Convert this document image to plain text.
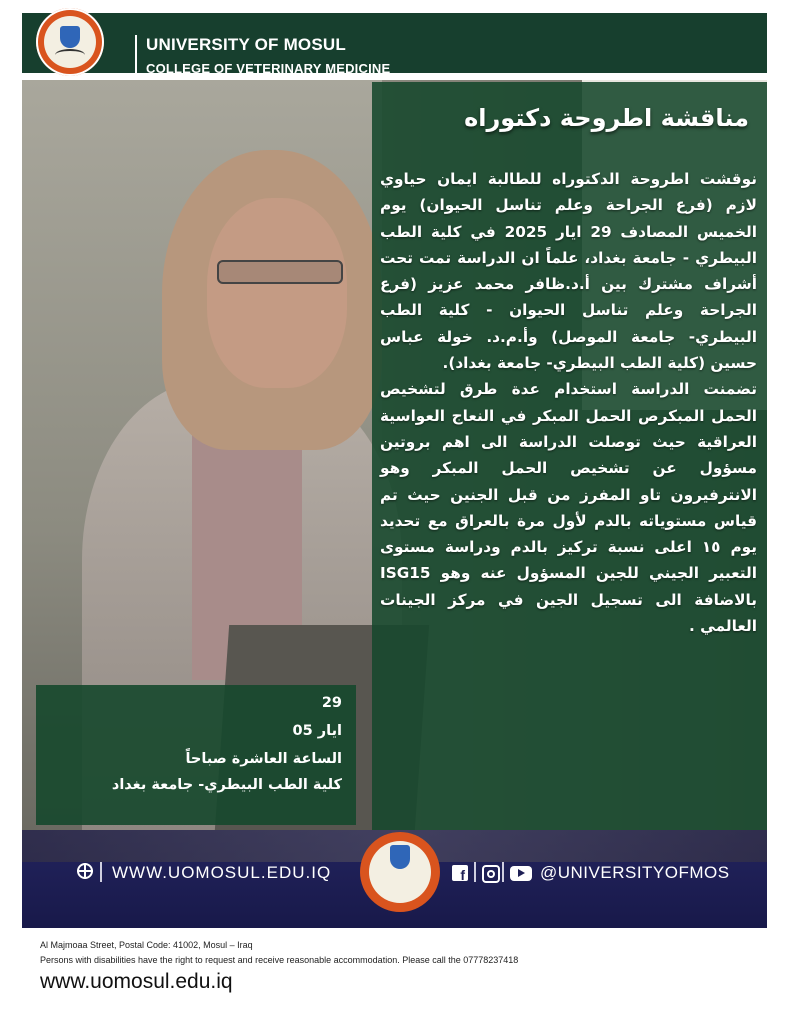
UNIVERSITY OF MOSUL
COLLEGE OF VETERINARY MEDICINE
مناقشة اطروحة دكتوراه

نوقشت اطروحة الدكتوراه للطالبة ايمان حياوي لازم (فرع الجراحة وعلم تناسل الحيوان) يوم الخميس المصادف 29 ايار 2025 في كلية الطب البيطري - جامعة بغداد، علماً ان الدراسة تمت تحت أشراف مشترك بين أ.د.ظافر محمد عزيز (فرع الجراحة وعلم تناسل الحيوان - كلية الطب البيطري- جامعة الموصل) وأ.م.د. خولة عباس حسين (كلية الطب البيطري- جامعة بغداد).

تضمنت الدراسة استخدام عدة طرق لتشخيص الحمل المبكرص الحمل المبكر في النعاج العواسية العراقية حيث توصلت الدراسة الى اهم بروتين مسؤول عن تشخيص الحمل المبكر وهو الانترفيرون تاو المفرز من قبل الجنين حيث تم قياس مستوياته بالدم لأول مرة بالعراق مع تحديد يوم ١٥ اعلى نسبة تركيز بالدم ودراسة مستوى التعبير الجيني للجين المسؤول عنه وهو ISG15 بالاضافة الى تسجيل الجين في مركز الجينات العالمي .

29
ايار 05
الساعة العاشرة صباحاً
كلية الطب البيطري- جامعة بغداد
WWW.UOMOSUL.EDU.IQ
f	@UNIVERSITYOFMOS
Al Majmoaa Street, Postal Code: 41002, Mosul – Iraq
Persons with disabilities have the right to request and receive reasonable accommodation. Please call the 07778237418
www.uomosul.edu.iq
